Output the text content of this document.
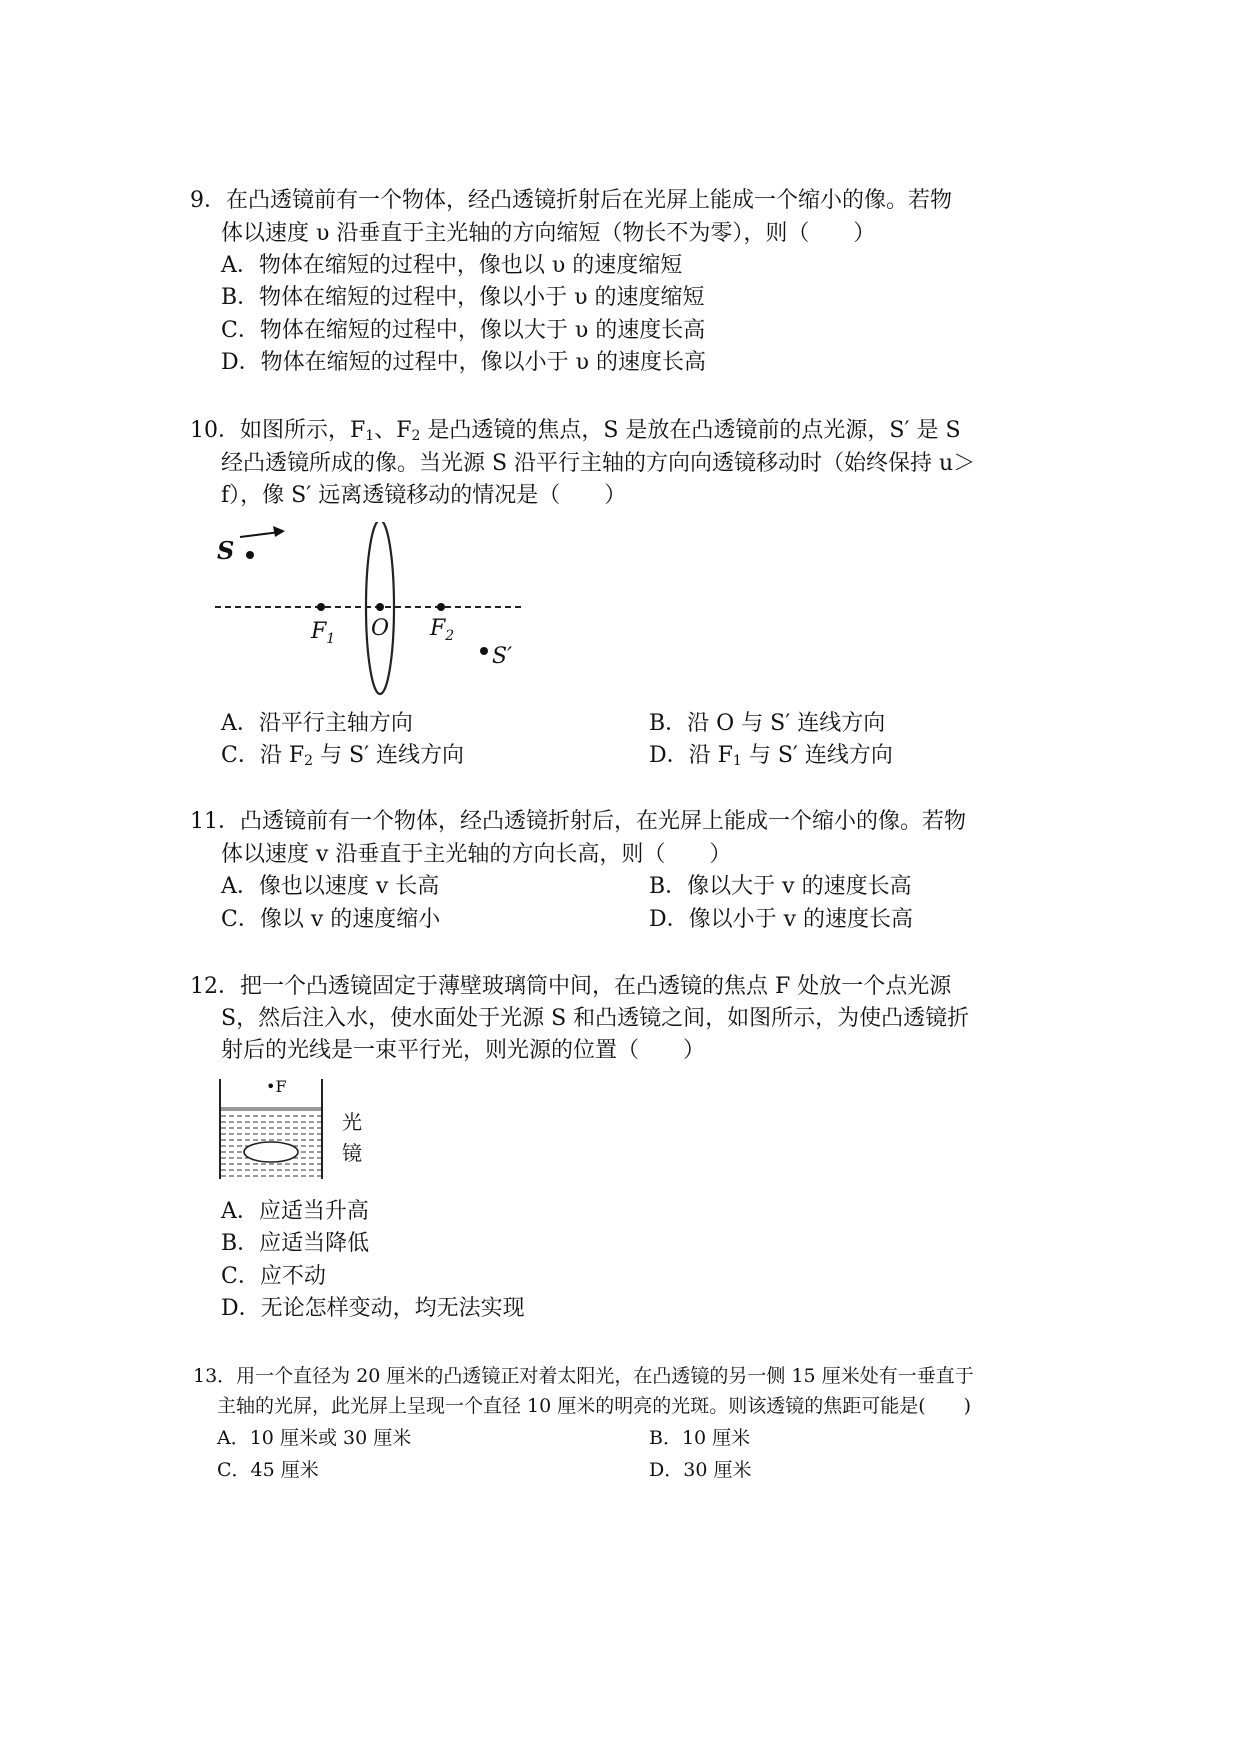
9．在凸透镜前有一个物体，经凸透镜折射后在光屏上能成一个缩小的像。若物
体以速度 υ 沿垂直于主光轴的方向缩短（物长不为零），则（　　）
A．物体在缩短的过程中，像也以 υ 的速度缩短
B．物体在缩短的过程中，像以小于 υ 的速度缩短
C．物体在缩短的过程中，像以大于 υ 的速度长高
D．物体在缩短的过程中，像以小于 υ 的速度长高
10．如图所示，$F_1$、$F_2$ 是凸透镜的焦点，S 是放在凸透镜前的点光源，S′ 是 S
经凸透镜所成的像。当光源 S 沿平行主轴的方向向透镜移动时（始终保持 u＞
f），像 S′ 远离透镜移动的情况是（　　）
S
$F_1$ O $F_2$
S′
A．沿平行主轴方向	B．沿 O 与 S′ 连线方向
C．沿 $F_2$ 与 S′ 连线方向	D．沿 $F_1$ 与 S′ 连线方向
11．凸透镜前有一个物体，经凸透镜折射后，在光屏上能成一个缩小的像。若物
体以速度 v 沿垂直于主光轴的方向长高，则（　　）
A．像也以速度 v 长高	B．像以大于 v 的速度长高
C．像以 v 的速度缩小	D．像以小于 v 的速度长高
12．把一个凸透镜固定于薄壁玻璃筒中间，在凸透镜的焦点 F 处放一个点光源
S，然后注入水，使水面处于光源 S 和凸透镜之间，如图所示，为使凸透镜折
射后的光线是一束平行光，则光源的位置（　　）
•F
光
镜
A．应适当升高
B．应适当降低
C．应不动
D．无论怎样变动，均无法实现
13．用一个直径为 20 厘米的凸透镜正对着太阳光，在凸透镜的另一侧 15 厘米处有一垂直于
主轴的光屏，此光屏上呈现一个直径 10 厘米的明亮的光斑。则该透镜的焦距可能是(　　)
A．10 厘米或 30 厘米	B．10 厘米
C．45 厘米	D．30 厘米
